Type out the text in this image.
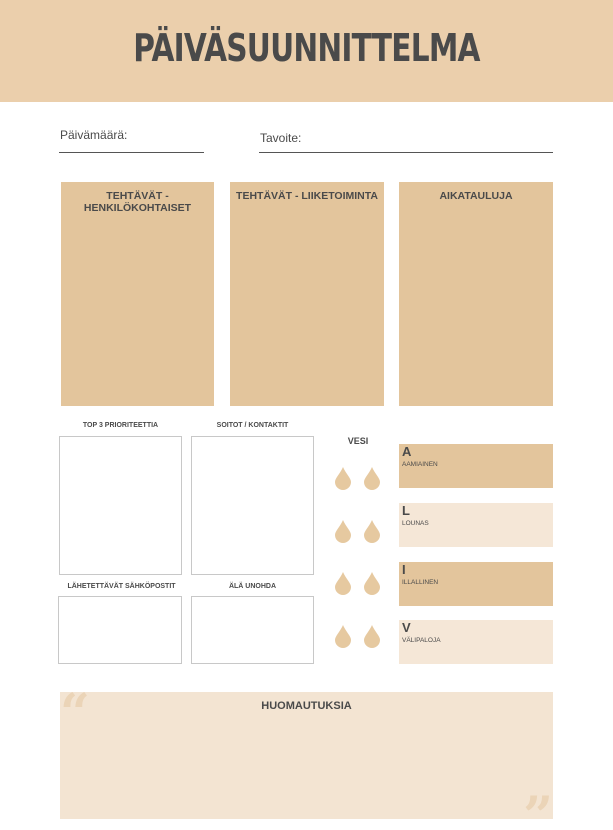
PÄIVÄSUUNNITTELMA
Päivämäärä:	Tavoite:
TEHTÄVÄT - HENKILÖKOHTAISET
TEHTÄVÄT - LIIKETOIMINTA	AIKATAULUJA
TOP 3 PRIORITEETTIA	SOITOT / KONTAKTIT
LÄHETETTÄVÄT SÄHKÖPOSTIT	ÄLÄ UNOHDA
VESI
A
AAMIAINEN
L
LOUNAS
I
ILLALLINEN
V
VÄLIPALOJA
“	HUOMAUTUKSIA
”
